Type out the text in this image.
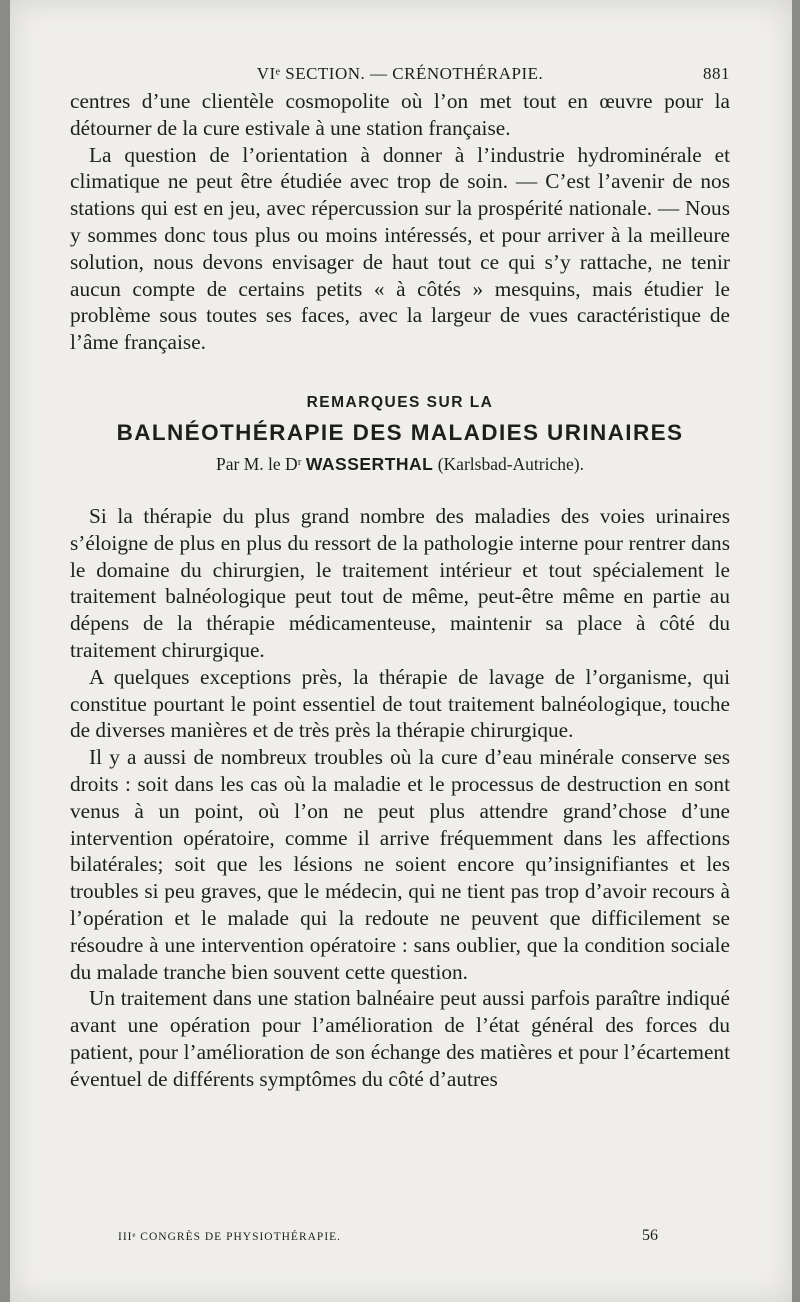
VIᵉ SECTION. — CRÉNOTHÉRAPIE.	881

centres d’une clientèle cosmopolite où l’on met tout en œuvre pour la détourner de la cure estivale à une station française.

La question de l’orientation à donner à l’industrie hydrominérale et climatique ne peut être étudiée avec trop de soin. — C’est l’avenir de nos stations qui est en jeu, avec répercussion sur la prospérité nationale. — Nous y sommes donc tous plus ou moins intéressés, et pour arriver à la meilleure solution, nous devons envisager de haut tout ce qui s’y rattache, ne tenir aucun compte de certains petits « à côtés » mesquins, mais étudier le problème sous toutes ses faces, avec la largeur de vues caractéristique de l’âme française.

REMARQUES SUR LA
BALNÉOTHÉRAPIE DES MALADIES URINAIRES
Par M. le Dʳ WASSERTHAL (Karlsbad-Autriche).

Si la thérapie du plus grand nombre des maladies des voies urinaires s’éloigne de plus en plus du ressort de la pathologie interne pour rentrer dans le domaine du chirurgien, le traitement intérieur et tout spécialement le traitement balnéologique peut tout de même, peut-être même en partie au dépens de la thérapie médicamenteuse, maintenir sa place à côté du traitement chirurgique.

A quelques exceptions près, la thérapie de lavage de l’organisme, qui constitue pourtant le point essentiel de tout traitement balnéologique, touche de diverses manières et de très près la thérapie chirurgique.

Il y a aussi de nombreux troubles où la cure d’eau minérale conserve ses droits : soit dans les cas où la maladie et le processus de destruction en sont venus à un point, où l’on ne peut plus attendre grand’chose d’une intervention opératoire, comme il arrive fréquemment dans les affections bilatérales; soit que les lésions ne soient encore qu’insignifiantes et les troubles si peu graves, que le médecin, qui ne tient pas trop d’avoir recours à l’opération et le malade qui la redoute ne peuvent que difficilement se résoudre à une intervention opératoire : sans oublier, que la condition sociale du malade tranche bien souvent cette question.

Un traitement dans une station balnéaire peut aussi parfois paraître indiqué avant une opération pour l’amélioration de l’état général des forces du patient, pour l’amélioration de son échange des matières et pour l’écartement éventuel de différents symptômes du côté d’autres

IIIᵉ CONGRÈS DE PHYSIOTHÉRAPIE.	56
